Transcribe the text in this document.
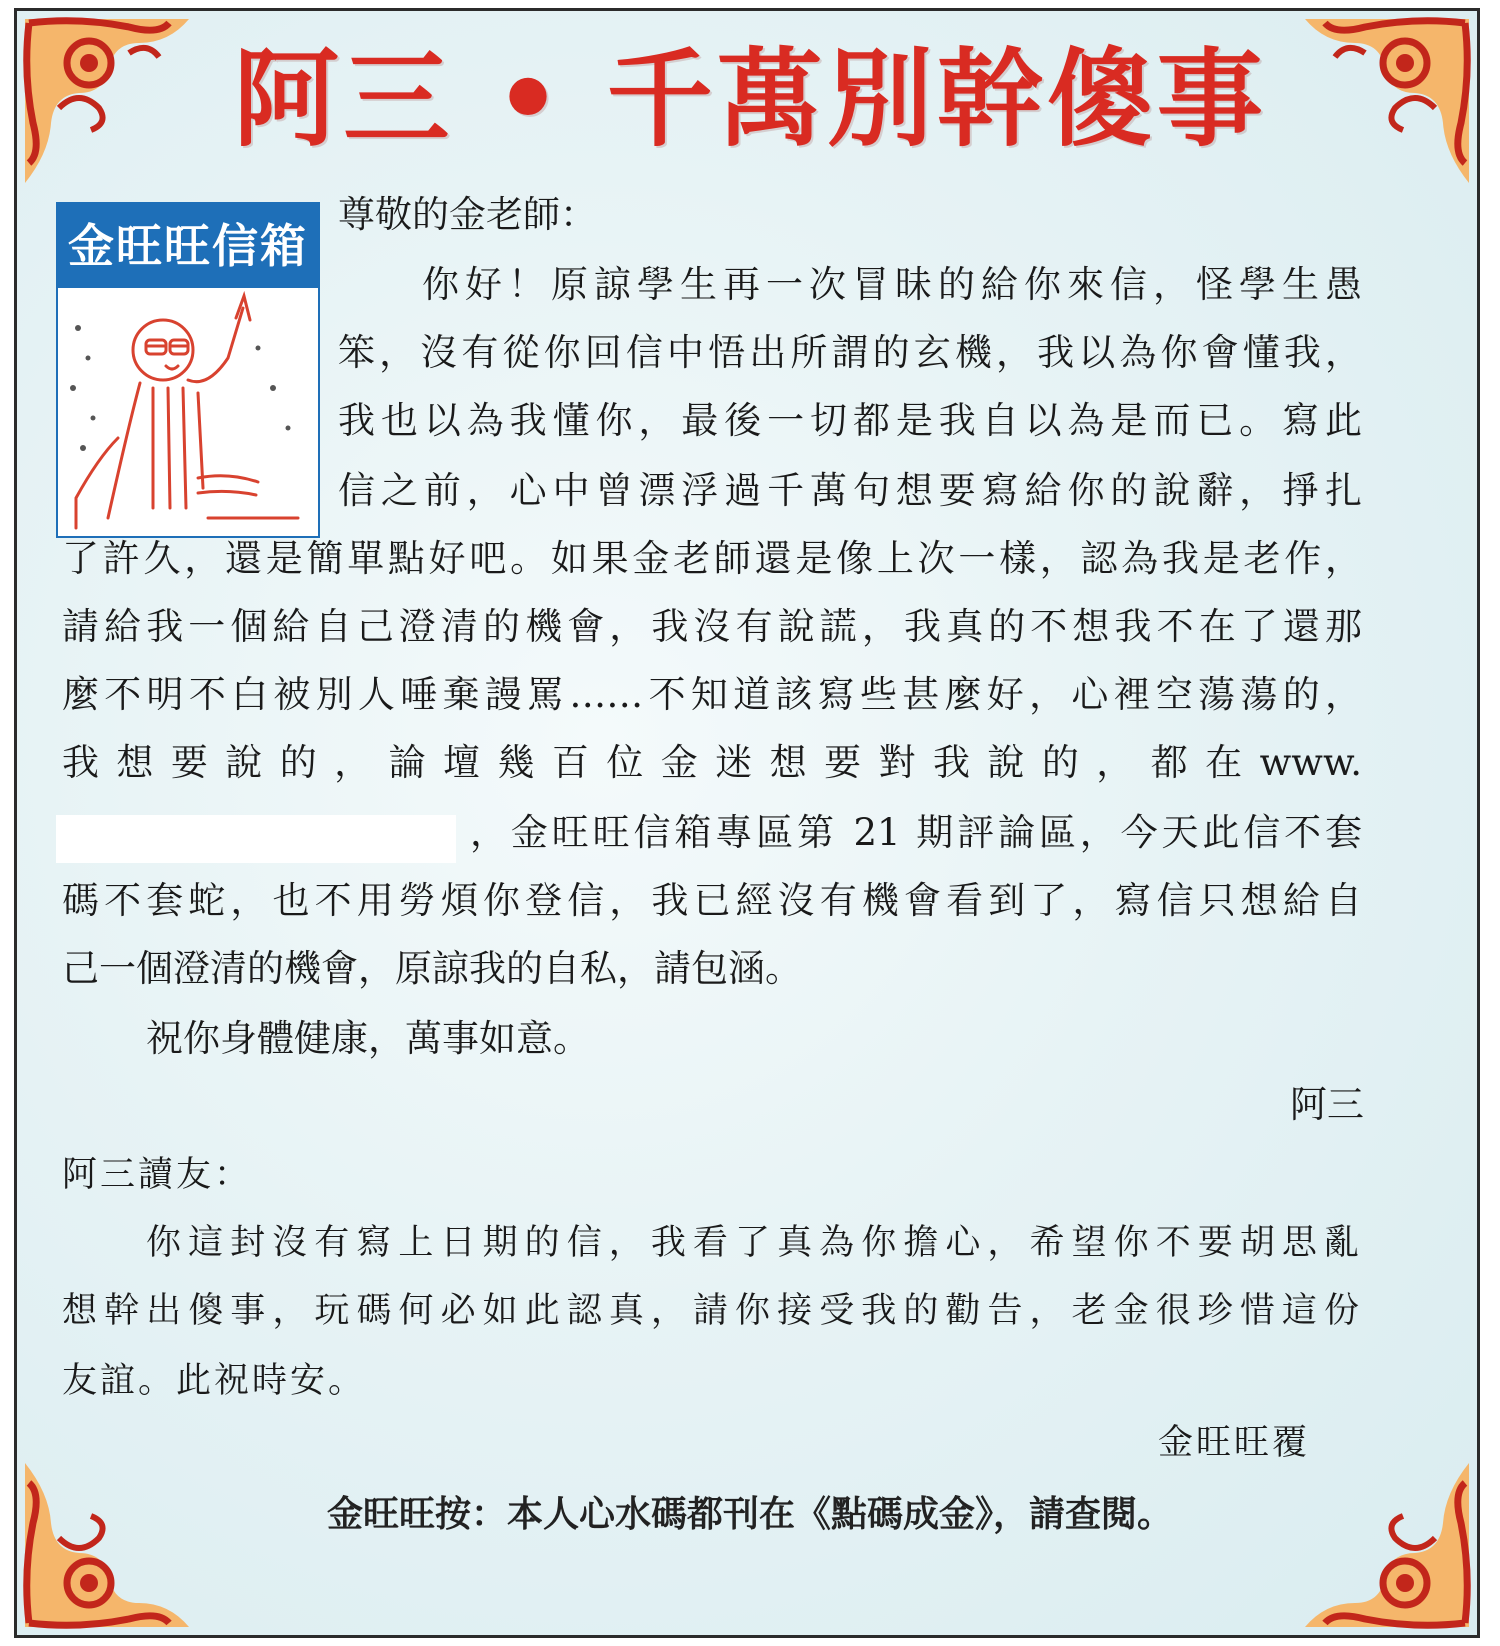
阿三 • 千萬別幹傻事
金旺旺信箱
尊敬的金老師：
你好！原諒學生再一次冒昧的給你來信，怪學生愚
笨，沒有從你回信中悟出所謂的玄機，我以為你會懂我，
我也以為我懂你，最後一切都是我自以為是而已。寫此
信之前，心中曾漂浮過千萬句想要寫給你的說辭，掙扎
了許久，還是簡單點好吧。如果金老師還是像上次一樣，認為我是老作，
請給我一個給自己澄清的機會，我沒有說謊，我真的不想我不在了還那
麼不明不白被別人唾棄謾罵……不知道該寫些甚麼好，心裡空蕩蕩的，
我想要說的，論壇幾百位金迷想要對我說的，都在www.
，金旺旺信箱專區第 21 期評論區，今天此信不套
碼不套蛇，也不用勞煩你登信，我已經沒有機會看到了，寫信只想給自
己一個澄清的機會，原諒我的自私，請包涵。
祝你身體健康，萬事如意。
阿三
阿三讀友：
你這封沒有寫上日期的信，我看了真為你擔心，希望你不要胡思亂
想幹出傻事，玩碼何必如此認真，請你接受我的勸告，老金很珍惜這份
友誼。此祝時安。
金旺旺覆
金旺旺按：本人心水碼都刊在《點碼成金》，請查閱。
